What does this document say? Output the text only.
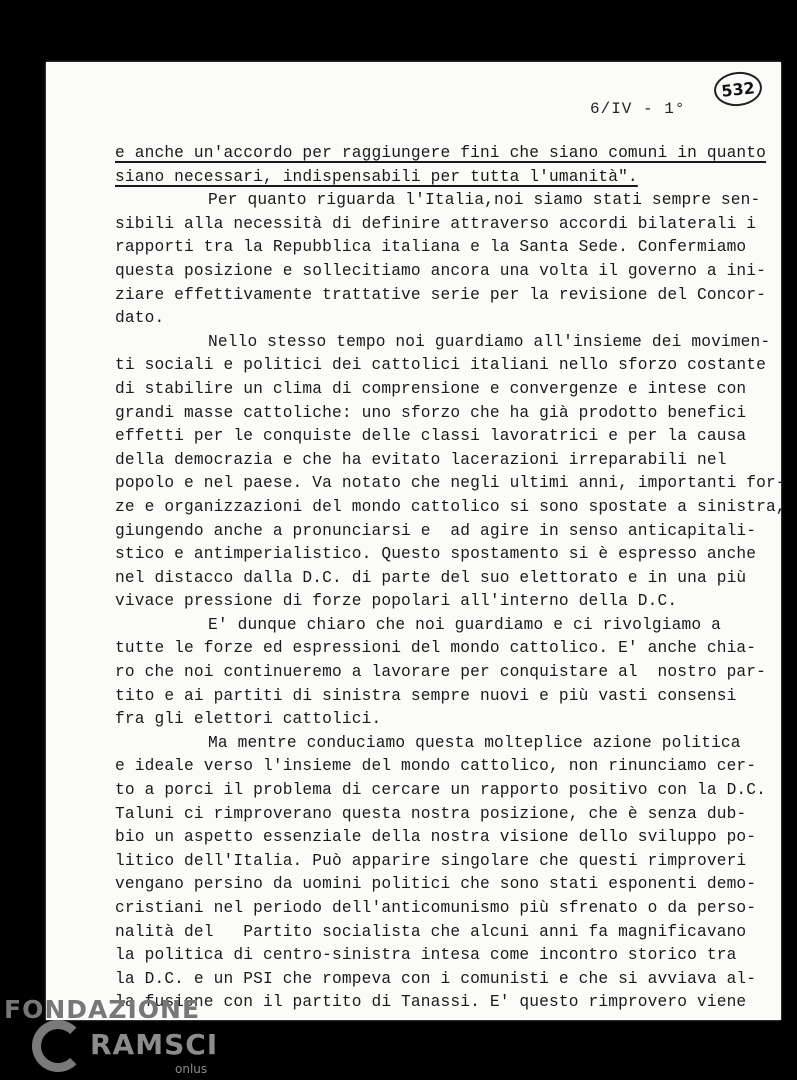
6/IV - 1°
532
e anche un'accordo per raggiungere fini che siano comuni in quanto
siano necessari, indispensabili per tutta l'umanità".
Per quanto riguarda l'Italia,noi siamo stati sempre sen-
sibili alla necessità di definire attraverso accordi bilaterali i
rapporti tra la Repubblica italiana e la Santa Sede. Confermiamo
questa posizione e sollecitiamo ancora una volta il governo a ini-
ziare effettivamente trattative serie per la revisione del Concor-
dato.
Nello stesso tempo noi guardiamo all'insieme dei movimen-
ti sociali e politici dei cattolici italiani nello sforzo costante
di stabilire un clima di comprensione e convergenze e intese con
grandi masse cattoliche: uno sforzo che ha già prodotto benefici
effetti per le conquiste delle classi lavoratrici e per la causa
della democrazia e che ha evitato lacerazioni irreparabili nel
popolo e nel paese. Va notato che negli ultimi anni, importanti for-
ze e organizzazioni del mondo cattolico si sono spostate a sinistra,
giungendo anche a pronunciarsi e  ad agire in senso anticapitali-
stico e antimperialistico. Questo spostamento si è espresso anche
nel distacco dalla D.C. di parte del suo elettorato e in una più
vivace pressione di forze popolari all'interno della D.C.
E' dunque chiaro che noi guardiamo e ci rivolgiamo a
tutte le forze ed espressioni del mondo cattolico. E' anche chia-
ro che noi continueremo a lavorare per conquistare al  nostro par-
tito e ai partiti di sinistra sempre nuovi e più vasti consensi
fra gli elettori cattolici.
Ma mentre conduciamo questa molteplice azione politica
e ideale verso l'insieme del mondo cattolico, non rinunciamo cer-
to a porci il problema di cercare un rapporto positivo con la D.C.
Taluni ci rimproverano questa nostra posizione, che è senza dub-
bio un aspetto essenziale della nostra visione dello sviluppo po-
litico dell'Italia. Può apparire singolare che questi rimproveri
vengano persino da uomini politici che sono stati esponenti demo-
cristiani nel periodo dell'anticomunismo più sfrenato o da perso-
nalità del   Partito socialista che alcuni anni fa magnificavano
la politica di centro-sinistra intesa come incontro storico tra
la D.C. e un PSI che rompeva con i comunisti e che si avviava al-
la fusione con il partito di Tanassi. E' questo rimprovero viene
FONDAZIONE
RAMSCI
onlus
